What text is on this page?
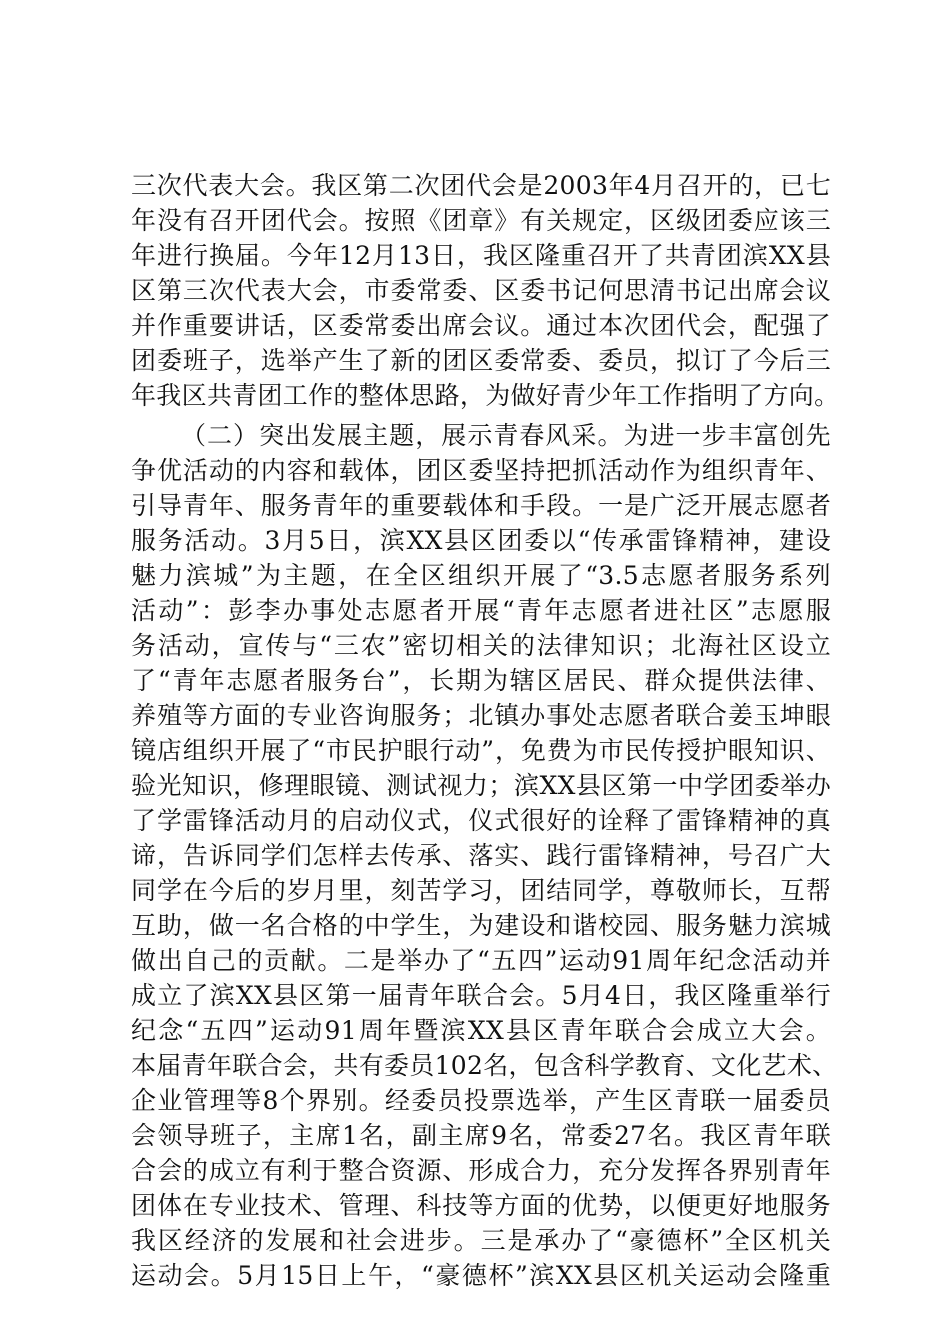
三次代表大会。我区第二次团代会是2003年4月召开的，已七
年没有召开团代会。按照《团章》有关规定，区级团委应该三
年进行换届。今年12月13日，我区隆重召开了共青团滨XX县
区第三次代表大会，市委常委、区委书记何思清书记出席会议
并作重要讲话，区委常委出席会议。通过本次团代会，配强了
团委班子，选举产生了新的团区委常委、委员，拟订了今后三
年我区共青团工作的整体思路，为做好青少年工作指明了方向。
（二）突出发展主题，展示青春风采。为进一步丰富创先
争优活动的内容和载体，团区委坚持把抓活动作为组织青年、
引导青年、服务青年的重要载体和手段。一是广泛开展志愿者
服务活动。3月5日，滨XX县区团委以“传承雷锋精神，建设
魅力滨城”为主题，在全区组织开展了“3.5志愿者服务系列
活动”：彭李办事处志愿者开展“青年志愿者进社区”志愿服
务活动，宣传与“三农”密切相关的法律知识；北海社区设立
了“青年志愿者服务台”，长期为辖区居民、群众提供法律、
养殖等方面的专业咨询服务；北镇办事处志愿者联合姜玉坤眼
镜店组织开展了“市民护眼行动”，免费为市民传授护眼知识、
验光知识，修理眼镜、测试视力；滨XX县区第一中学团委举办
了学雷锋活动月的启动仪式，仪式很好的诠释了雷锋精神的真
谛，告诉同学们怎样去传承、落实、践行雷锋精神，号召广大
同学在今后的岁月里，刻苦学习，团结同学，尊敬师长，互帮
互助，做一名合格的中学生，为建设和谐校园、服务魅力滨城
做出自己的贡献。二是举办了“五四”运动91周年纪念活动并
成立了滨XX县区第一届青年联合会。5月4日，我区隆重举行
纪念“五四”运动91周年暨滨XX县区青年联合会成立大会。
本届青年联合会，共有委员102名，包含科学教育、文化艺术、
企业管理等8个界别。经委员投票选举，产生区青联一届委员
会领导班子，主席1名，副主席9名，常委27名。我区青年联
合会的成立有利于整合资源、形成合力，充分发挥各界别青年
团体在专业技术、管理、科技等方面的优势，以便更好地服务
我区经济的发展和社会进步。三是承办了“豪德杯”全区机关
运动会。5月15日上午，“豪德杯”滨XX县区机关运动会隆重
